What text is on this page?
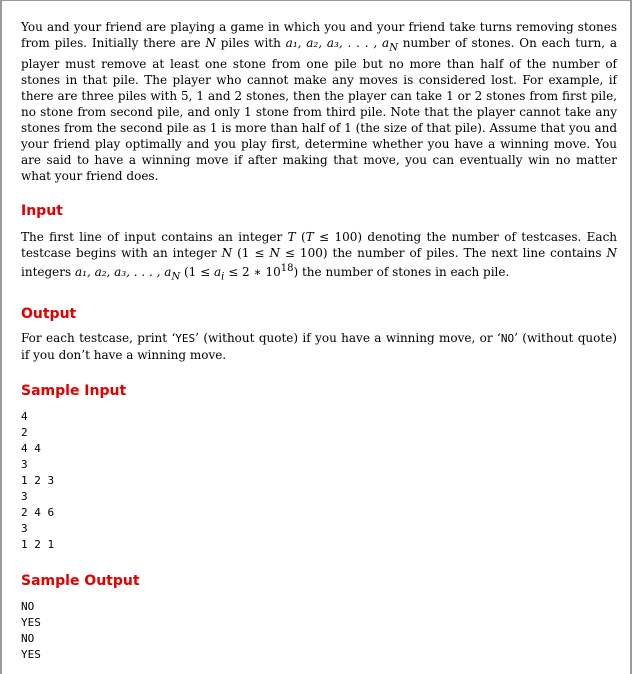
You and your friend are playing a game in which you and your friend take turns removing stones from piles. Initially there are N piles with a₁, a₂, a₃, . . . , $a_N$ number of stones. On each turn, a player must remove at least one stone from one pile but no more than half of the number of stones in that pile. The player who cannot make any moves is considered lost. For example, if there are three piles with 5, 1 and 2 stones, then the player can take 1 or 2 stones from first pile, no stone from second pile, and only 1 stone from third pile. Note that the player cannot take any stones from the second pile as 1 is more than half of 1 (the size of that pile). Assume that you and your friend play optimally and you play first, determine whether you have a winning move. You are said to have a winning move if after making that move, you can eventually win no matter what your friend does.

Input

The first line of input contains an integer T (T ≤ 100) denoting the number of testcases. Each testcase begins with an integer N (1 ≤ N ≤ 100) the number of piles. The next line contains N integers a₁, a₂, a₃, . . . , $a_N$ ($1 \le a_i \le 2$ ∗ $10^{18}$) the number of stones in each pile.

Output

For each testcase, print ‘YES’ (without quote) if you have a winning move, or ‘NO’ (without quote) if you don’t have a winning move.

Sample Input
4
2
4 4
3
1 2 3
3
2 4 6
3
1 2 1
Sample Output
NO
YES
NO
YES
